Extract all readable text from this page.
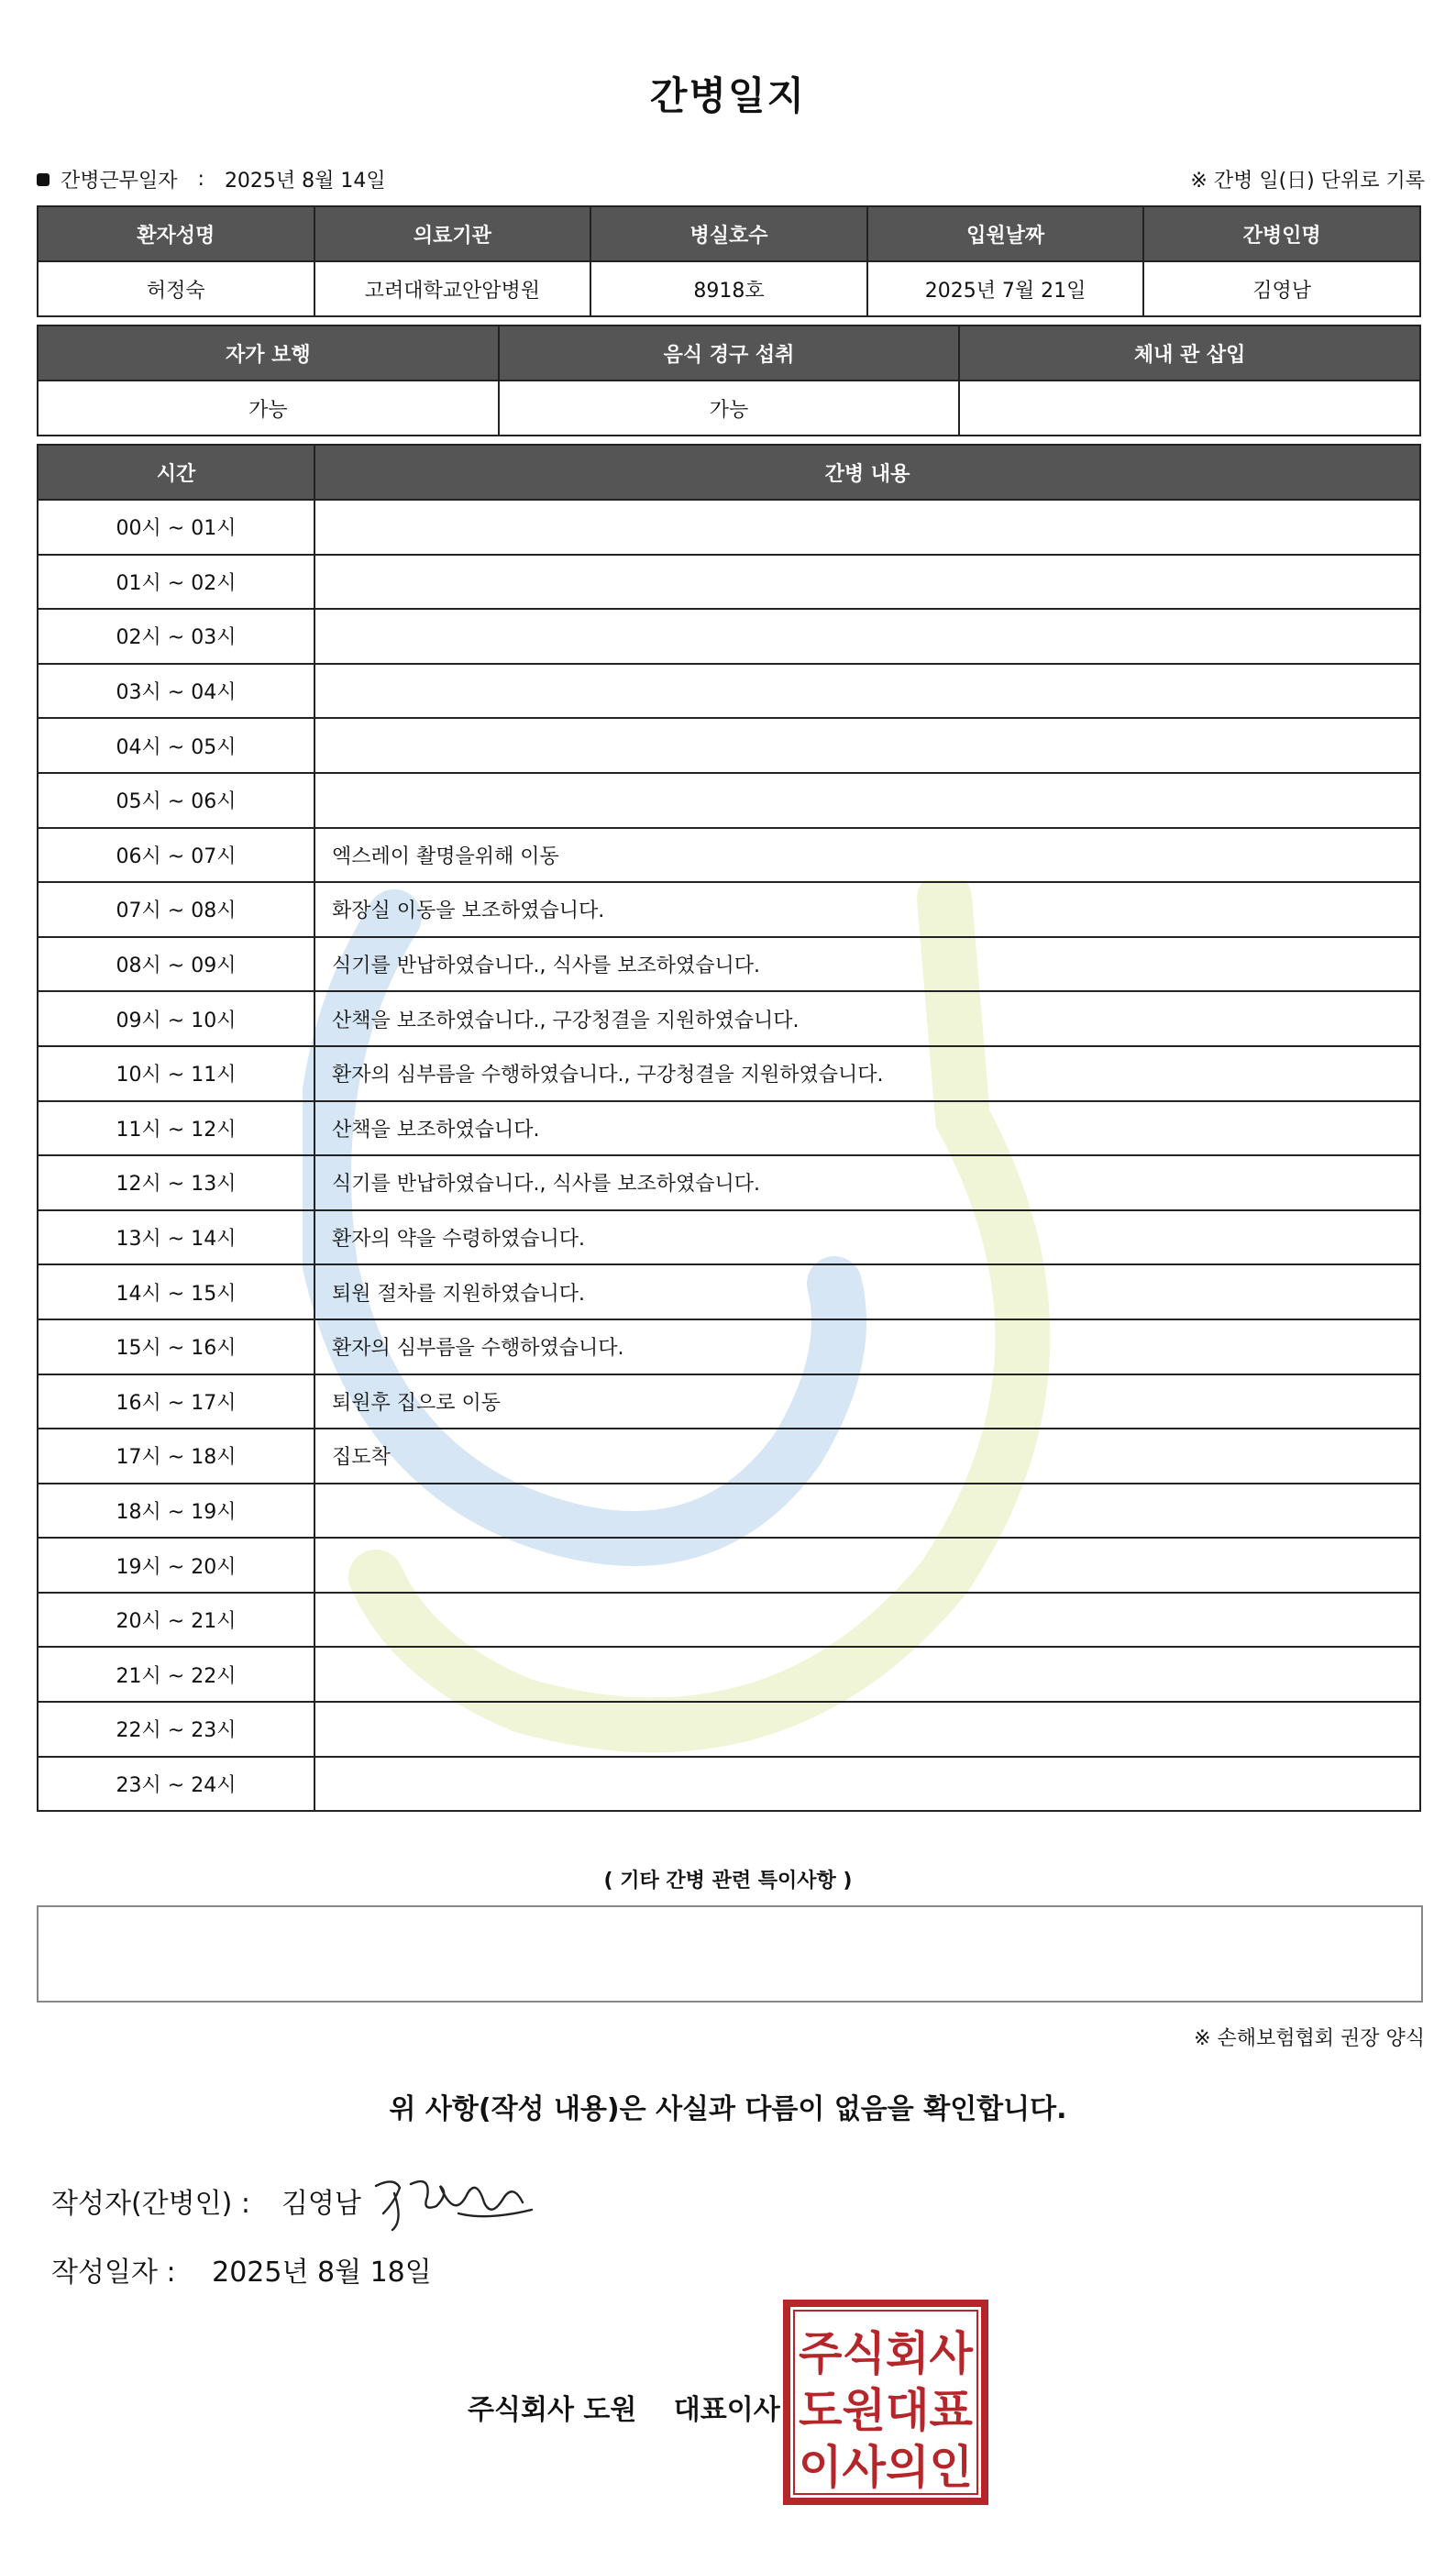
간병일지
간병근무일자 : 2025년 8월 14일	※ 간병 일(日) 단위로 기록
환자성명	의료기관	병실호수	입원날짜	간병인명
허정숙	고려대학교안암병원	8918호	2025년 7월 21일	김영남
자가 보행	음식 경구 섭취	체내 관 삽입
가능	가능	
시간	간병 내용
00시 ~ 01시	
01시 ~ 02시	
02시 ~ 03시	
03시 ~ 04시	
04시 ~ 05시	
05시 ~ 06시	
06시 ~ 07시	엑스레이 촬명을위해 이동
07시 ~ 08시	화장실 이동을 보조하였습니다.
08시 ~ 09시	식기를 반납하였습니다., 식사를 보조하였습니다.
09시 ~ 10시	산책을 보조하였습니다., 구강청결을 지원하였습니다.
10시 ~ 11시	환자의 심부름을 수행하였습니다., 구강청결을 지원하였습니다.
11시 ~ 12시	산책을 보조하였습니다.
12시 ~ 13시	식기를 반납하였습니다., 식사를 보조하였습니다.
13시 ~ 14시	환자의 약을 수령하였습니다.
14시 ~ 15시	퇴원 절차를 지원하였습니다.
15시 ~ 16시	환자의 심부름을 수행하였습니다.
16시 ~ 17시	퇴원후 집으로 이동
17시 ~ 18시	집도착
18시 ~ 19시	
19시 ~ 20시	
20시 ~ 21시	
21시 ~ 22시	
22시 ~ 23시	
23시 ~ 24시	
( 기타 간병 관련 특이사항 )
※ 손해보험협회 권장 양식
위 사항(작성 내용)은 사실과 다름이 없음을 확인합니다.
작성자(간병인) : 김영남
작성일자 : 2025년 8월 18일
주식회사 도원 대표이사
주식회사
도원대표
이사의인
